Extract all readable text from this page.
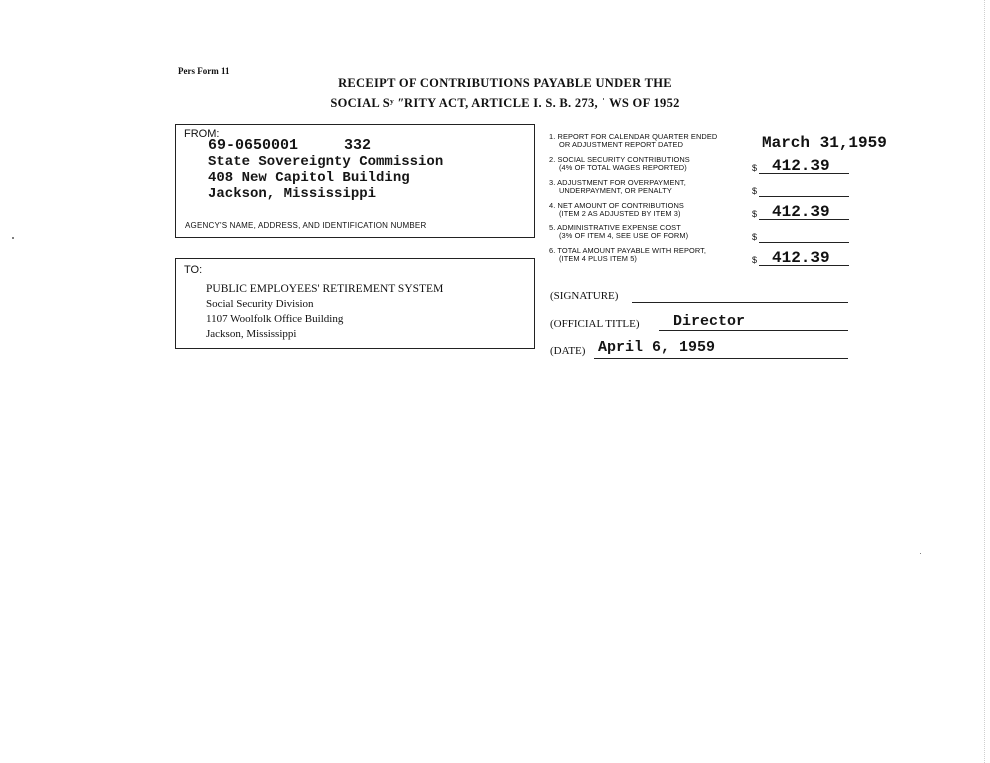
Pers Form 11
RECEIPT OF CONTRIBUTIONS PAYABLE UNDER THE
SOCIAL Sʸ ʺRITY ACT, ARTICLE I. S. B. 273, ˈ WS OF 1952
FROM:
69-0650001	332
State Sovereignty Commission
408 New Capitol Building
Jackson, Mississippi
AGENCY'S NAME, ADDRESS, AND IDENTIFICATION NUMBER
TO:
PUBLIC EMPLOYEES' RETIREMENT SYSTEM
Social Security Division
1107 Woolfolk Office Building
Jackson, Mississippi
1. REPORT FOR CALENDAR QUARTER ENDED
OR ADJUSTMENT REPORT DATED	March 31,1959
2. SOCIAL SECURITY CONTRIBUTIONS
(4% OF TOTAL WAGES REPORTED)	$ 412.39
3. ADJUSTMENT FOR OVERPAYMENT,
UNDERPAYMENT, OR PENALTY	$
4. NET AMOUNT OF CONTRIBUTIONS
(ITEM 2 AS ADJUSTED BY ITEM 3)	$ 412.39
5. ADMINISTRATIVE EXPENSE COST
(3% OF ITEM 4, SEE USE OF FORM)	$
6. TOTAL AMOUNT PAYABLE WITH REPORT,
(ITEM 4 PLUS ITEM 5)	$ 412.39
(SIGNATURE)
(OFFICIAL TITLE) Director
(DATE) April 6, 1959
